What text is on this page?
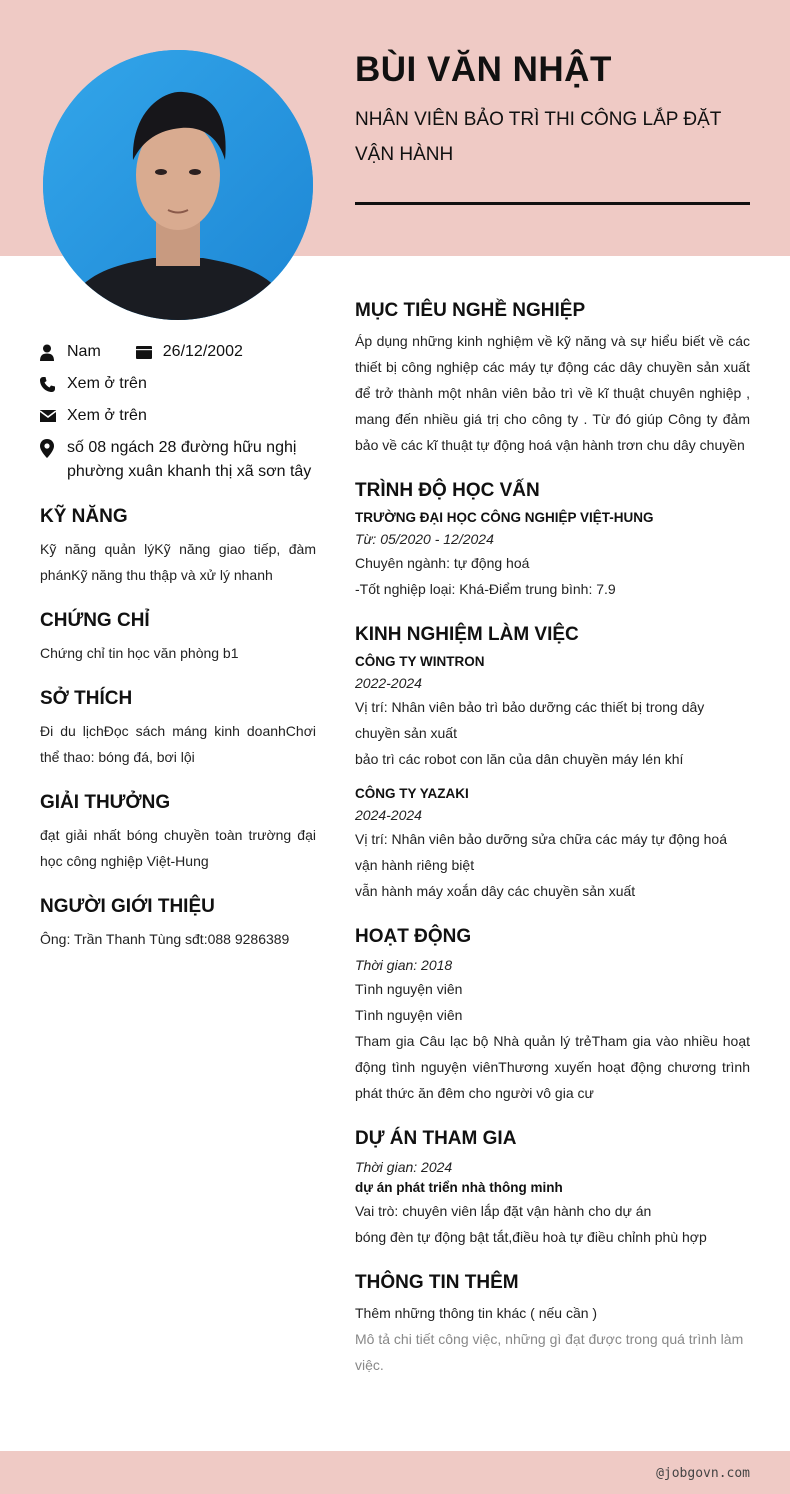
BÙI VĂN NHẬT
NHÂN VIÊN BẢO TRÌ THI CÔNG LẮP ĐẶT VẬN HÀNH
Nam	26/12/2002
Xem ở trên
Xem ở trên
số 08 ngách 28 đường hữu nghị phường xuân khanh thị xã sơn tây
KỸ NĂNG
Kỹ năng quản lýKỹ năng giao tiếp, đàm phánKỹ năng thu thập và xử lý nhanh
CHỨNG CHỈ
Chứng chỉ tin học văn phòng b1
SỞ THÍCH
Đi du lịchĐọc sách máng kinh doanhChơi thể thao: bóng đá, bơi lội
GIẢI THƯỞNG
đạt giải nhất bóng chuyền toàn trường đại học công nghiệp Việt-Hung
NGƯỜI GIỚI THIỆU
Ông: Trần Thanh Tùng sđt:088 9286389
MỤC TIÊU NGHỀ NGHIỆP
Áp dụng những kinh nghiệm về kỹ năng và sự hiểu biết về các thiết bị công nghiệp các máy tự động các dây chuyền sản xuất để trở thành một nhân viên bảo trì về kĩ thuật chuyên nghiệp , mang đến nhiều giá trị cho công ty . Từ đó giúp Công ty đảm bảo về các kĩ thuật tự động hoá vận hành trơn chu dây chuyền
TRÌNH ĐỘ HỌC VẤN
TRƯỜNG ĐẠI HỌC CÔNG NGHIỆP VIỆT-HUNG
Từ: 05/2020 - 12/2024
Chuyên ngành: tự động hoá
-Tốt nghiệp loại: Khá-Điểm trung bình: 7.9
KINH NGHIỆM LÀM VIỆC
CÔNG TY WINTRON
2022-2024
Vị trí: Nhân viên bảo trì bảo dưỡng các thiết bị trong dây chuyền sản xuất
bảo trì các robot con lăn của dân chuyền máy lén khí
CÔNG TY YAZAKI
2024-2024
Vị trí: Nhân viên bảo dưỡng sửa chữa các máy tự động hoá vận hành riêng biệt
vẫn hành máy xoắn dây các chuyền sản xuất
HOẠT ĐỘNG
Thời gian: 2018
Tình nguyện viên
Tình nguyện viên
Tham gia Câu lạc bộ Nhà quản lý trẻTham gia vào nhiều hoạt động tình nguyện viênThương xuyến hoạt động chương trình phát thức ăn đêm cho người vô gia cư
DỰ ÁN THAM GIA
Thời gian: 2024
dự án phát triển nhà thông minh
Vai trò: chuyên viên lắp đặt vận hành cho dự án
bóng đèn tự động bật tắt,điều hoà tự điều chỉnh phù hợp
THÔNG TIN THÊM
Thêm những thông tin khác ( nếu cần )
Mô tả chi tiết công việc, những gì đạt được trong quá trình làm việc.
@jobgovn.com
